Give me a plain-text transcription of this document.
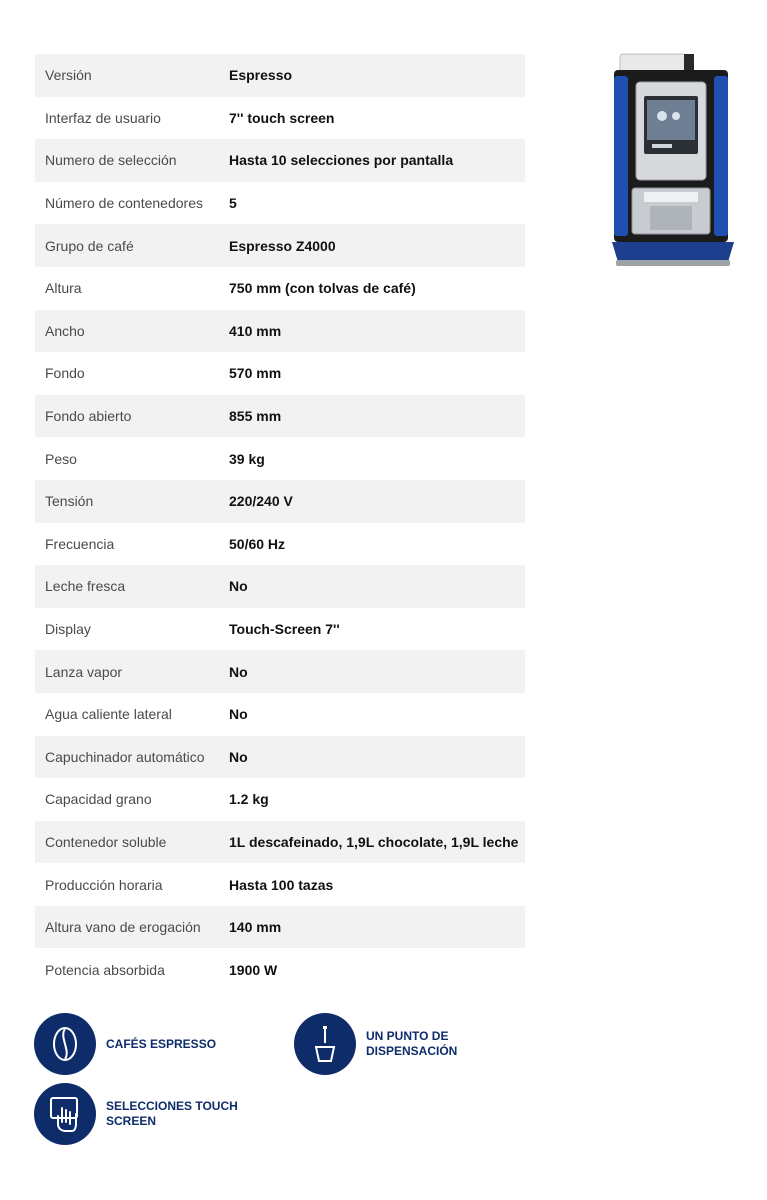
Versión	Espresso
Interfaz de usuario	7'' touch screen
Numero de selección	Hasta 10 selecciones por pantalla
Número de contenedores	5
Grupo de café	Espresso Z4000
Altura	750 mm (con tolvas de café)
Ancho	410 mm
Fondo	570 mm
Fondo abierto	855 mm
Peso	39 kg
Tensión	220/240 V
Frecuencia	50/60 Hz
Leche fresca	No
Display	Touch-Screen 7''
Lanza vapor	No
Agua caliente lateral	No
Capuchinador automático	No
Capacidad grano	1.2 kg
Contenedor soluble	1L descafeinado, 1,9L chocolate, 1,9L leche
Producción horaria	Hasta 100 tazas
Altura vano de erogación	140 mm
Potencia absorbida	1900 W
CAFÉS ESPRESSO
UN PUNTO DE DISPENSACIÓN
SELECCIONES TOUCH SCREEN
